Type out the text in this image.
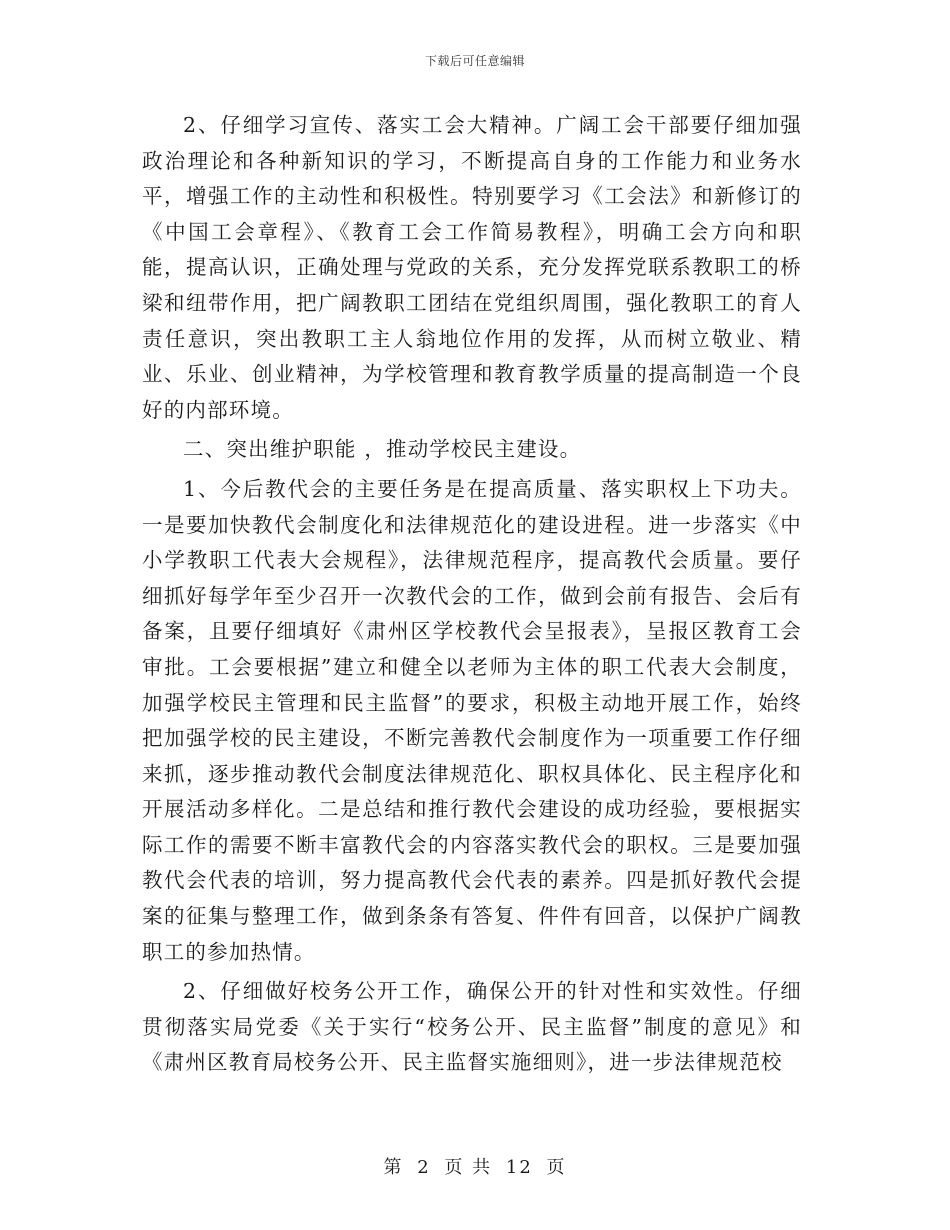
下载后可任意编辑

2、仔细学习宣传、落实工会大精神。广阔工会干部要仔细加强政治理论和各种新知识的学习，不断提高自身的工作能力和业务水平，增强工作的主动性和积极性。特别要学习《工会法》和新修订的《中国工会章程》、《教育工会工作简易教程》，明确工会方向和职能，提高认识，正确处理与党政的关系，充分发挥党联系教职工的桥梁和纽带作用，把广阔教职工团结在党组织周围，强化教职工的育人责任意识，突出教职工主人翁地位作用的发挥，从而树立敬业、精业、乐业、创业精神，为学校管理和教育教学质量的提高制造一个良好的内部环境。

二、突出维护职能 ，推动学校民主建设。

1、今后教代会的主要任务是在提高质量、落实职权上下功夫。一是要加快教代会制度化和法律规范化的建设进程。进一步落实《中小学教职工代表大会规程》，法律规范程序，提高教代会质量。要仔细抓好每学年至少召开一次教代会的工作，做到会前有报告、会后有备案，且要仔细填好《肃州区学校教代会呈报表》，呈报区教育工会审批。工会要根据”建立和健全以老师为主体的职工代表大会制度，加强学校民主管理和民主监督”的要求，积极主动地开展工作，始终把加强学校的民主建设，不断完善教代会制度作为一项重要工作仔细来抓，逐步推动教代会制度法律规范化、职权具体化、民主程序化和开展活动多样化。二是总结和推行教代会建设的成功经验，要根据实际工作的需要不断丰富教代会的内容落实教代会的职权。三是要加强教代会代表的培训，努力提高教代会代表的素养。四是抓好教代会提案的征集与整理工作，做到条条有答复、件件有回音，以保护广阔教职工的参加热情。

2、仔细做好校务公开工作，确保公开的针对性和实效性。仔细贯彻落实局党委《关于实行“校务公开、民主监督”制度的意见》和《肃州区教育局校务公开、民主监督实施细则》，进一步法律规范校

第 2 页 共 12 页
